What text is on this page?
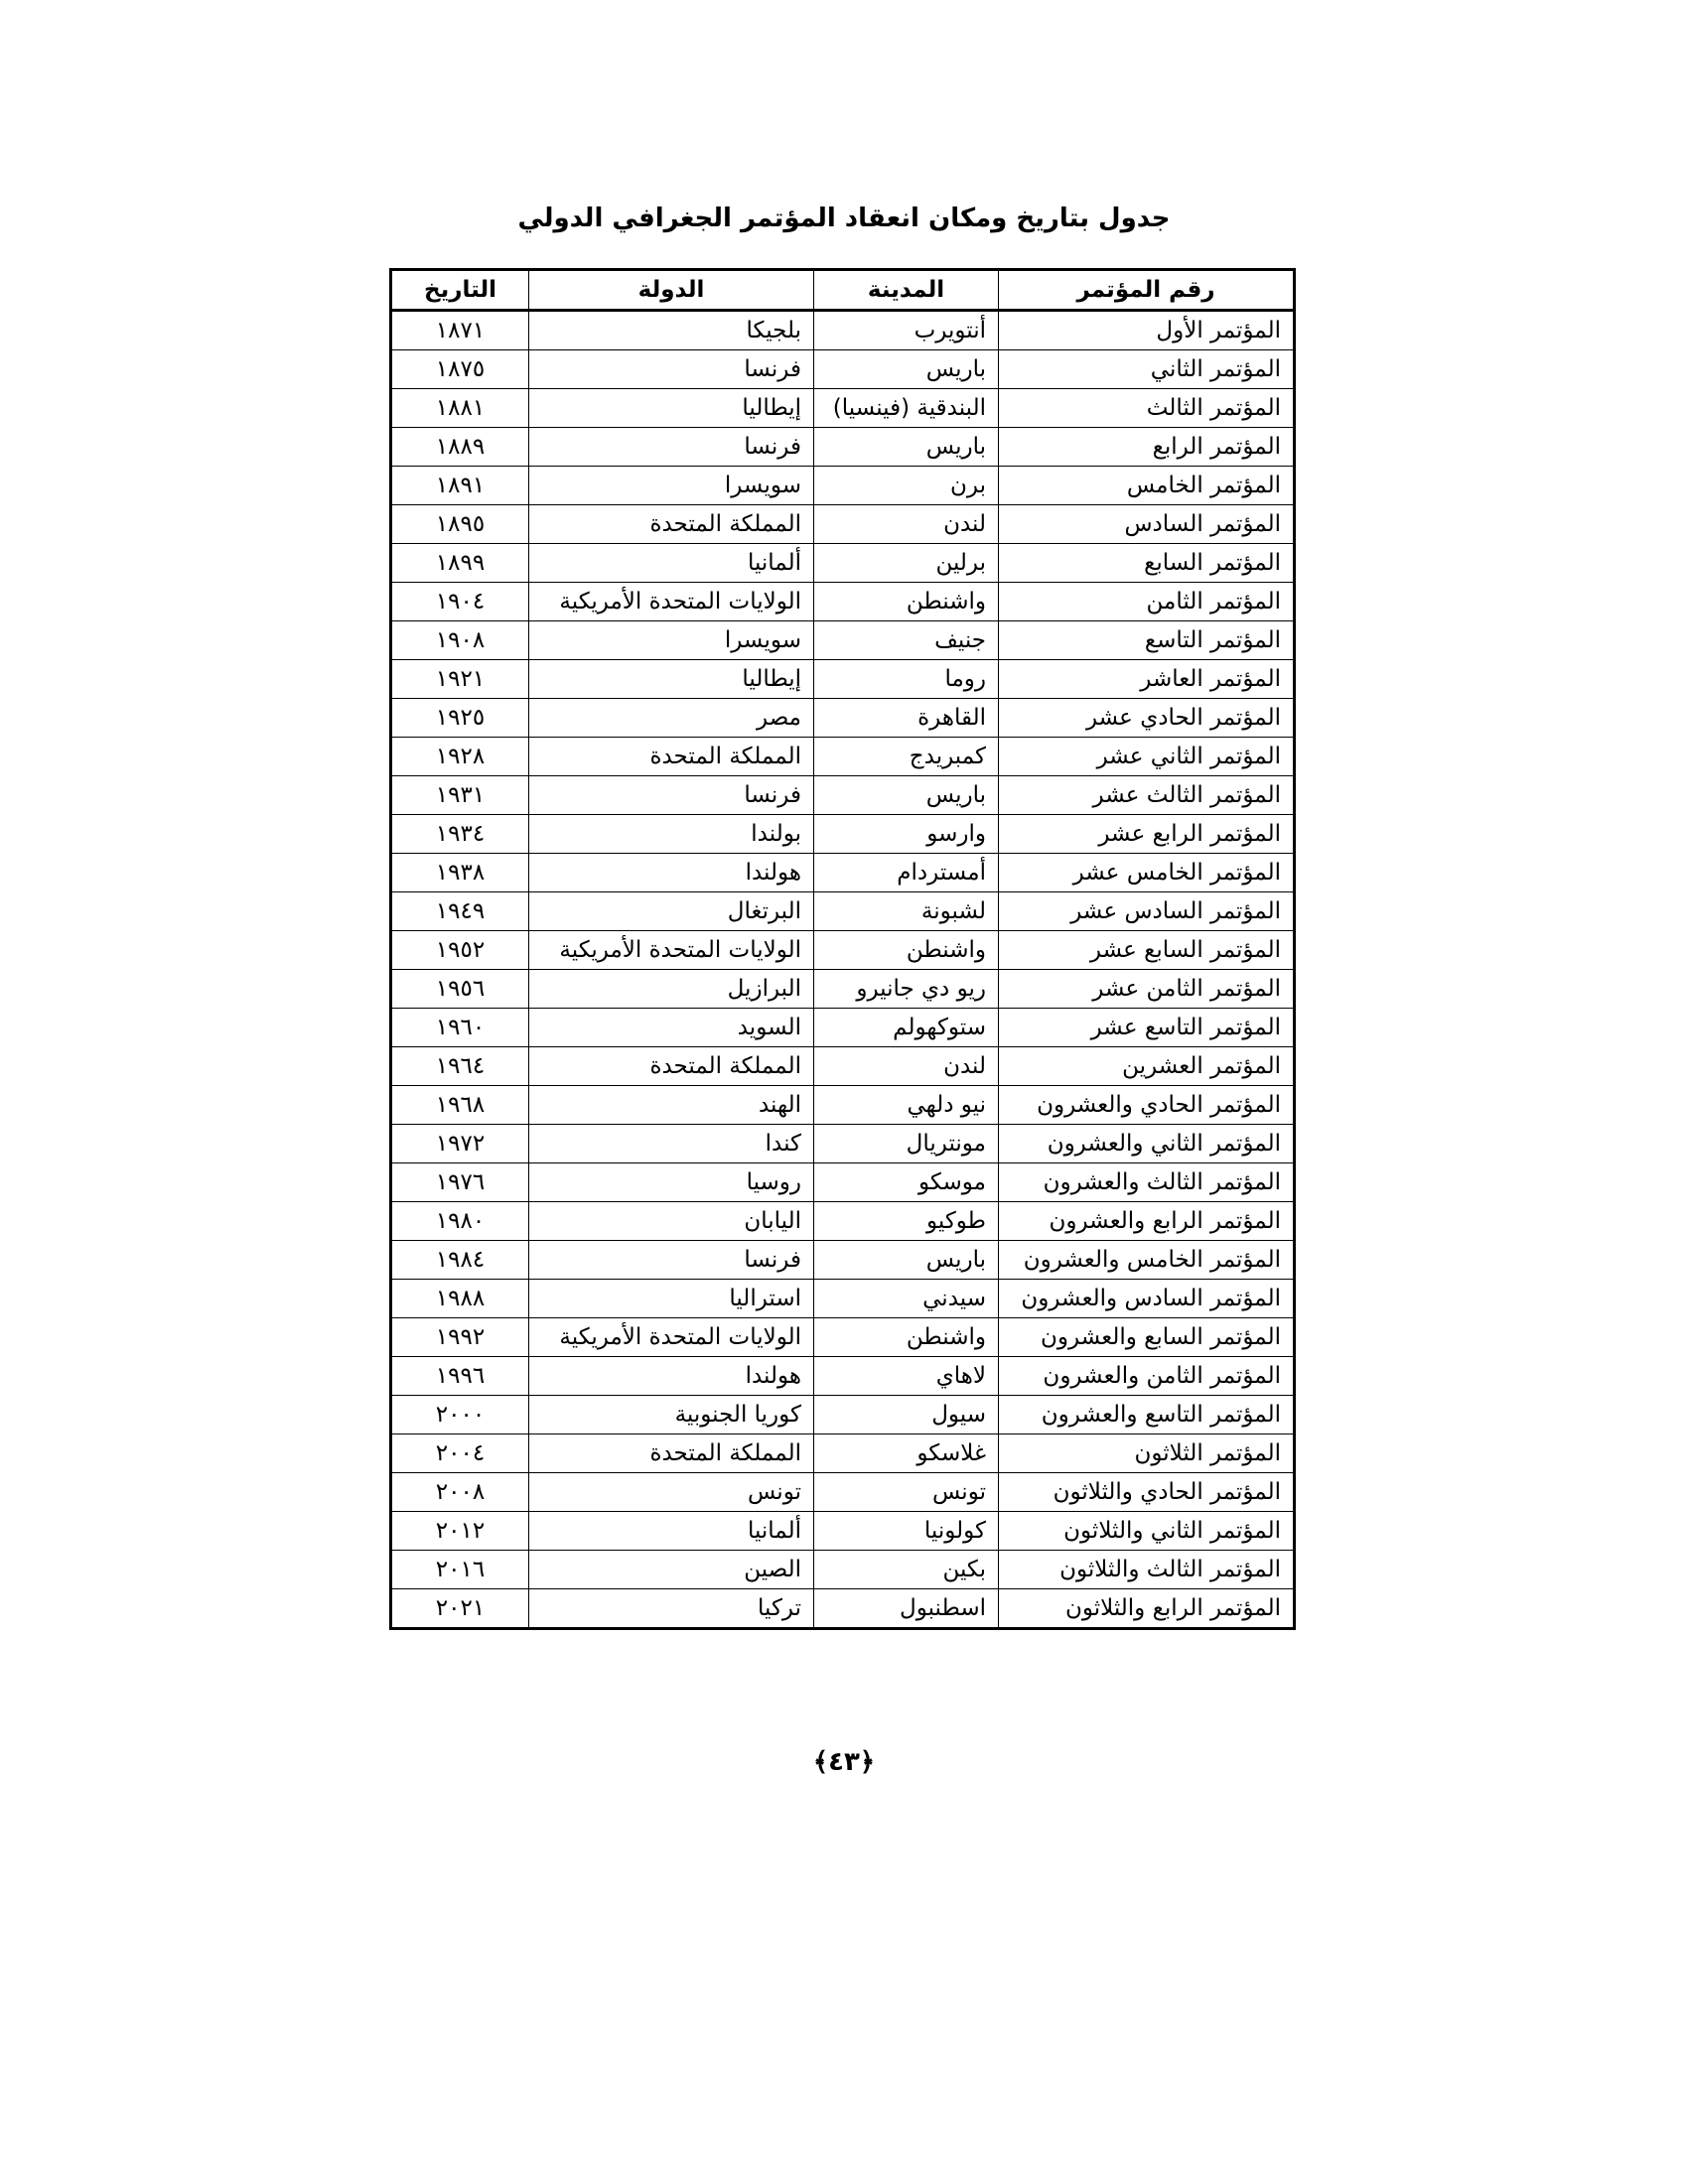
جدول بتاريخ ومكان انعقاد المؤتمر الجغرافي الدولي
رقم المؤتمر	المدينة	الدولة	التاريخ
المؤتمر الأول	أنتويرب	بلجيكا	١٨٧١
المؤتمر الثاني	باريس	فرنسا	١٨٧٥
المؤتمر الثالث	البندقية (فينسيا)	إيطاليا	١٨٨١
المؤتمر الرابع	باريس	فرنسا	١٨٨٩
المؤتمر الخامس	برن	سويسرا	١٨٩١
المؤتمر السادس	لندن	المملكة المتحدة	١٨٩٥
المؤتمر السابع	برلين	ألمانيا	١٨٩٩
المؤتمر الثامن	واشنطن	الولايات المتحدة الأمريكية	١٩٠٤
المؤتمر التاسع	جنيف	سويسرا	١٩٠٨
المؤتمر العاشر	روما	إيطاليا	١٩٢١
المؤتمر الحادي عشر	القاهرة	مصر	١٩٢٥
المؤتمر الثاني عشر	كمبريدج	المملكة المتحدة	١٩٢٨
المؤتمر الثالث عشر	باريس	فرنسا	١٩٣١
المؤتمر الرابع عشر	وارسو	بولندا	١٩٣٤
المؤتمر الخامس عشر	أمستردام	هولندا	١٩٣٨
المؤتمر السادس عشر	لشبونة	البرتغال	١٩٤٩
المؤتمر السابع عشر	واشنطن	الولايات المتحدة الأمريكية	١٩٥٢
المؤتمر الثامن عشر	ريو دي جانيرو	البرازيل	١٩٥٦
المؤتمر التاسع عشر	ستوكهولم	السويد	١٩٦٠
المؤتمر العشرين	لندن	المملكة المتحدة	١٩٦٤
المؤتمر الحادي والعشرون	نيو دلهي	الهند	١٩٦٨
المؤتمر الثاني والعشرون	مونتريال	كندا	١٩٧٢
المؤتمر الثالث والعشرون	موسكو	روسيا	١٩٧٦
المؤتمر الرابع والعشرون	طوكيو	اليابان	١٩٨٠
المؤتمر الخامس والعشرون	باريس	فرنسا	١٩٨٤
المؤتمر السادس والعشرون	سيدني	استراليا	١٩٨٨
المؤتمر السابع والعشرون	واشنطن	الولايات المتحدة الأمريكية	١٩٩٢
المؤتمر الثامن والعشرون	لاهاي	هولندا	١٩٩٦
المؤتمر التاسع والعشرون	سيول	كوريا الجنوبية	٢٠٠٠
المؤتمر الثلاثون	غلاسكو	المملكة المتحدة	٢٠٠٤
المؤتمر الحادي والثلاثون	تونس	تونس	٢٠٠٨
المؤتمر الثاني والثلاثون	كولونيا	ألمانيا	٢٠١٢
المؤتمر الثالث والثلاثون	بكين	الصين	٢٠١٦
المؤتمر الرابع والثلاثون	اسطنبول	تركيا	٢٠٢١
﴿٤٣﴾
